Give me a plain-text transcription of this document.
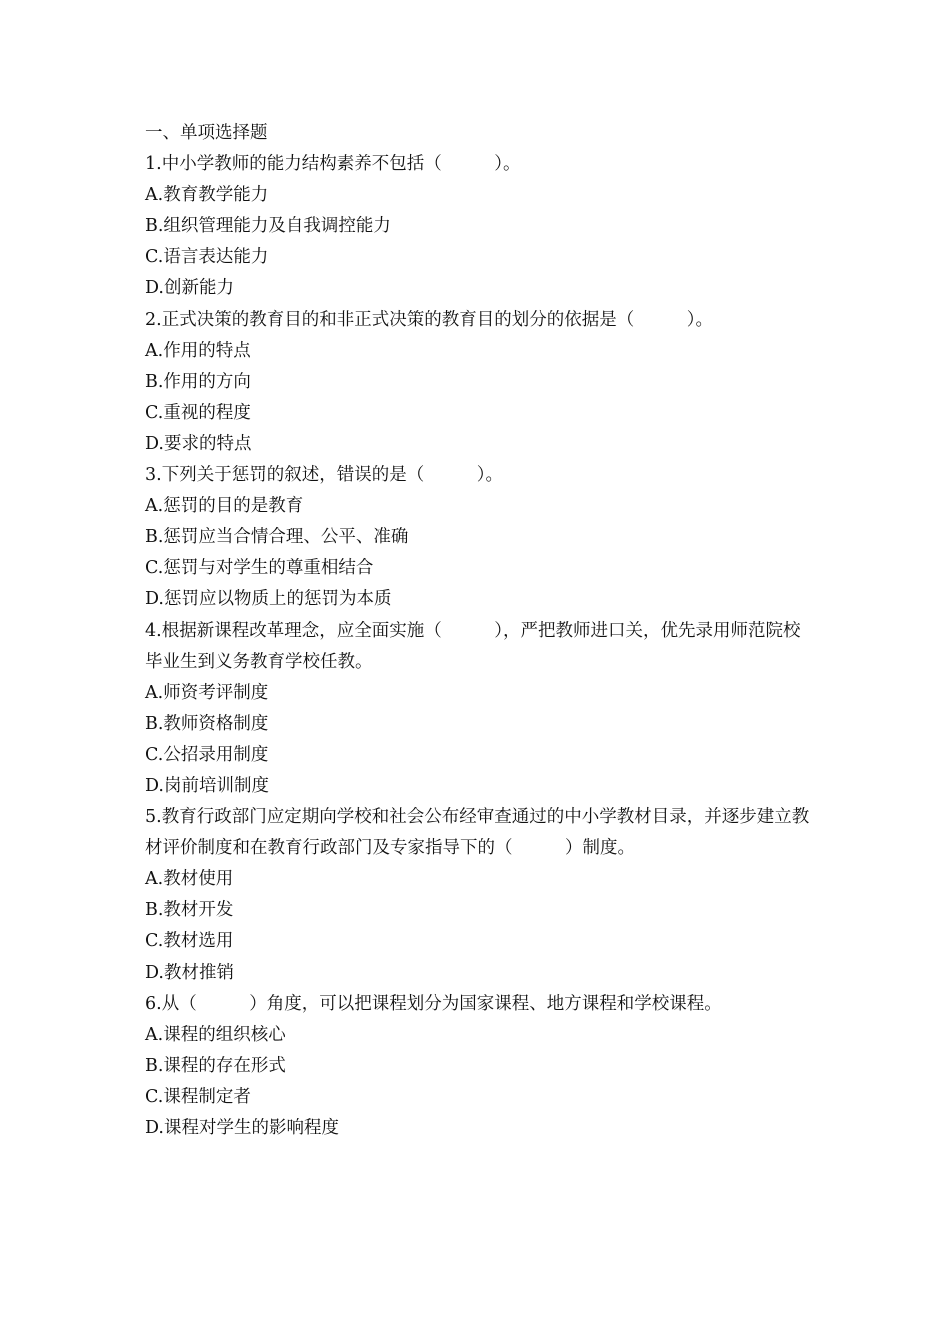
一、单项选择题
1.中小学教师的能力结构素养不包括（　　　）。
A.教育教学能力
B.组织管理能力及自我调控能力
C.语言表达能力
D.创新能力
2.正式决策的教育目的和非正式决策的教育目的划分的依据是（　　　）。
A.作用的特点
B.作用的方向
C.重视的程度
D.要求的特点
3.下列关于惩罚的叙述，错误的是（　　　）。
A.惩罚的目的是教育
B.惩罚应当合情合理、公平、准确
C.惩罚与对学生的尊重相结合
D.惩罚应以物质上的惩罚为本质
4.根据新课程改革理念，应全面实施（　　　），严把教师进口关，优先录用师范院校毕业生到义务教育学校任教。
A.师资考评制度
B.教师资格制度
C.公招录用制度
D.岗前培训制度
5.教育行政部门应定期向学校和社会公布经审查通过的中小学教材目录，并逐步建立教材评价制度和在教育行政部门及专家指导下的（　　　）制度。
A.教材使用
B.教材开发
C.教材选用
D.教材推销
6.从（　　　）角度，可以把课程划分为国家课程、地方课程和学校课程。
A.课程的组织核心
B.课程的存在形式
C.课程制定者
D.课程对学生的影响程度
